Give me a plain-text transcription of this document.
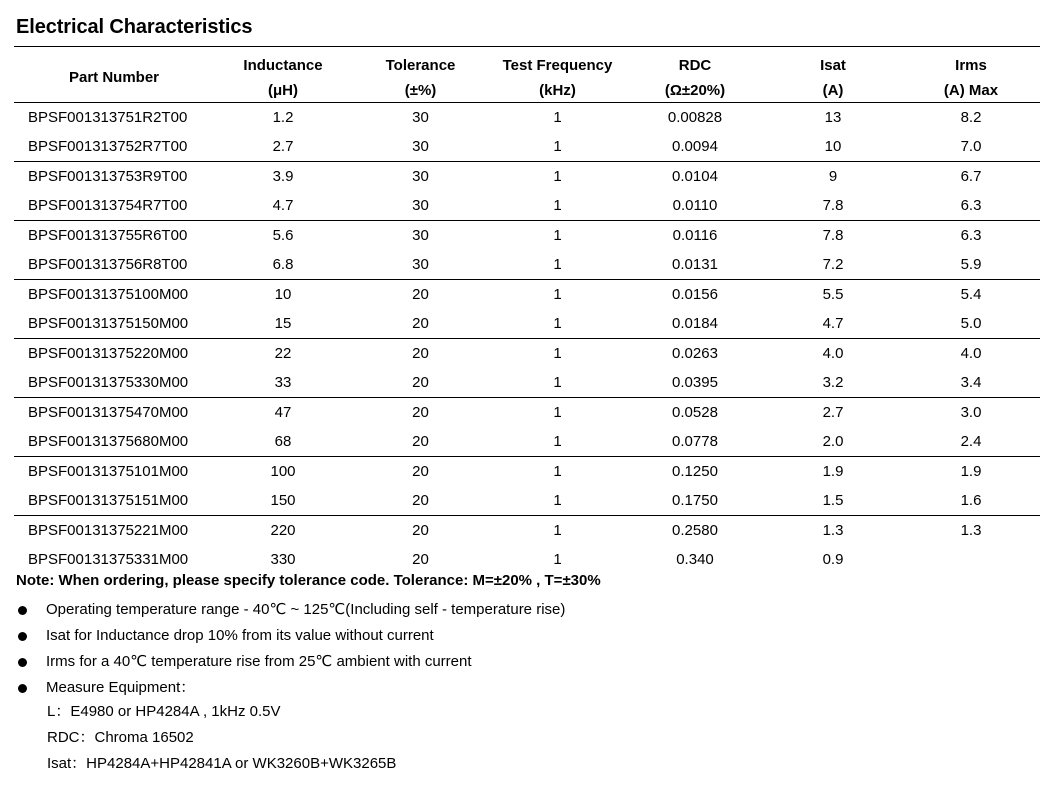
Electrical Characteristics
Part Number	Inductance	Tolerance	Test Frequency	RDC	Isat	Irms
	(μH)	(±%)	(kHz)	(Ω±20%)	(A)	(A) Max
BPSF001313751R2T00	1.2	30	1	0.00828	13	8.2
BPSF001313752R7T00	2.7	30	1	0.0094	10	7.0
BPSF001313753R9T00	3.9	30	1	0.0104	9	6.7
BPSF001313754R7T00	4.7	30	1	0.0110	7.8	6.3
BPSF001313755R6T00	5.6	30	1	0.0116	7.8	6.3
BPSF001313756R8T00	6.8	30	1	0.0131	7.2	5.9
BPSF00131375100M00	10	20	1	0.0156	5.5	5.4
BPSF00131375150M00	15	20	1	0.0184	4.7	5.0
BPSF00131375220M00	22	20	1	0.0263	4.0	4.0
BPSF00131375330M00	33	20	1	0.0395	3.2	3.4
BPSF00131375470M00	47	20	1	0.0528	2.7	3.0
BPSF00131375680M00	68	20	1	0.0778	2.0	2.4
BPSF00131375101M00	100	20	1	0.1250	1.9	1.9
BPSF00131375151M00	150	20	1	0.1750	1.5	1.6
BPSF00131375221M00	220	20	1	0.2580	1.3	1.3
BPSF00131375331M00	330	20	1	0.340	0.9	
Note: When ordering, please specify tolerance code. Tolerance: M=±20% , T=±30%
Operating temperature range - 40℃ ~ 125℃(Including self - temperature rise)
Isat for Inductance drop 10% from its value without current
Irms for a 40℃ temperature rise from 25℃ ambient with current
Measure Equipment：
L：E4980 or HP4284A , 1kHz 0.5V
RDC：Chroma 16502
Isat：HP4284A+HP42841A or WK3260B+WK3265B
